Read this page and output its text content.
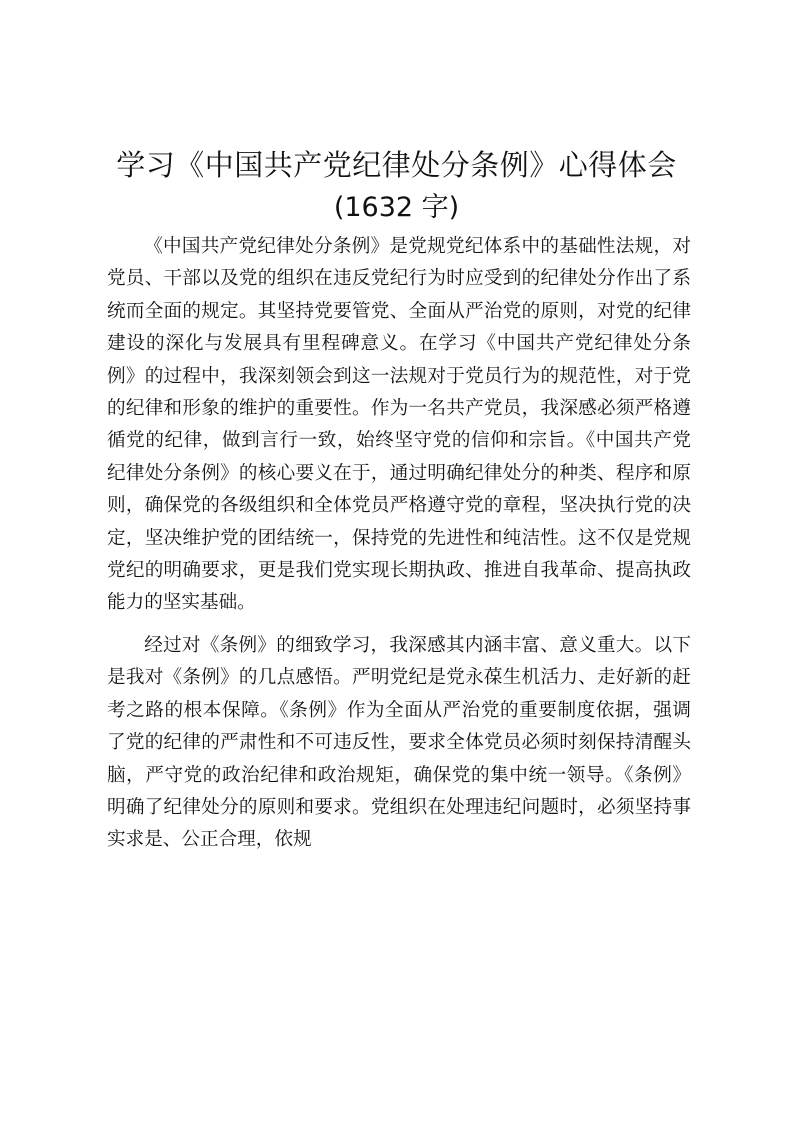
学习《中国共产党纪律处分条例》心得体会
(1632 字)

《中国共产党纪律处分条例》是党规党纪体系中的基础性法规，对党员、干部以及党的组织在违反党纪行为时应受到的纪律处分作出了系统而全面的规定。其坚持党要管党、全面从严治党的原则，对党的纪律建设的深化与发展具有里程碑意义。在学习《中国共产党纪律处分条例》的过程中，我深刻领会到这一法规对于党员行为的规范性，对于党的纪律和形象的维护的重要性。作为一名共产党员，我深感必须严格遵循党的纪律，做到言行一致，始终坚守党的信仰和宗旨。《中国共产党纪律处分条例》的核心要义在于，通过明确纪律处分的种类、程序和原则，确保党的各级组织和全体党员严格遵守党的章程，坚决执行党的决定，坚决维护党的团结统一，保持党的先进性和纯洁性。这不仅是党规党纪的明确要求，更是我们党实现长期执政、推进自我革命、提高执政能力的坚实基础。

经过对《条例》的细致学习，我深感其内涵丰富、意义重大。以下是我对《条例》的几点感悟。严明党纪是党永葆生机活力、走好新的赶考之路的根本保障。《条例》作为全面从严治党的重要制度依据，强调了党的纪律的严肃性和不可违反性，要求全体党员必须时刻保持清醒头脑，严守党的政治纪律和政治规矩，确保党的集中统一领导。《条例》明确了纪律处分的原则和要求。党组织在处理违纪问题时，必须坚持事实求是、公正合理，依规
